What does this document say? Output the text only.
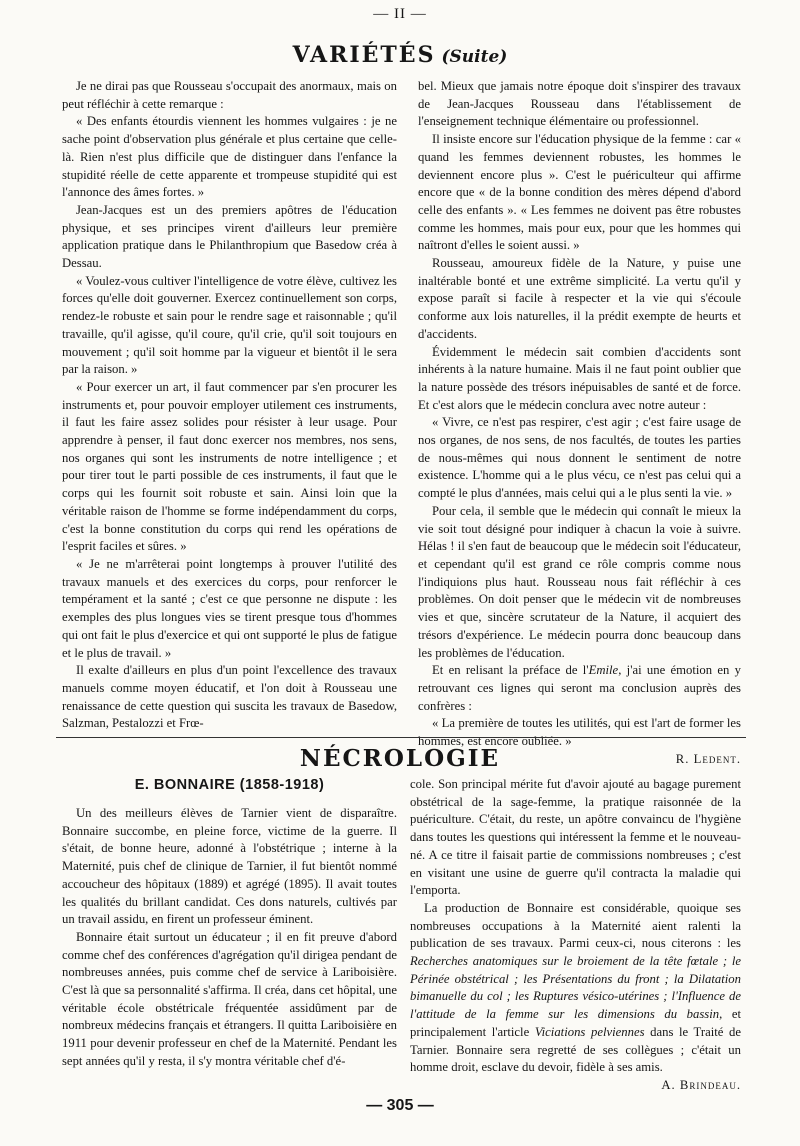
— II —
VARIÉTÉS (Suite)

Je ne dirai pas que Rousseau s'occupait des anormaux, mais on peut réfléchir à cette remarque :

« Des enfants étourdis viennent les hommes vulgaires : je ne sache point d'observation plus générale et plus certaine que celle-là. Rien n'est plus difficile que de distinguer dans l'enfance la stupidité réelle de cette apparente et trompeuse stupidité qui est l'annonce des âmes fortes. »

Jean-Jacques est un des premiers apôtres de l'éducation physique, et ses principes virent d'ailleurs leur première application pratique dans le Philanthropium que Basedow créa à Dessau.

« Voulez-vous cultiver l'intelligence de votre élève, cultivez les forces qu'elle doit gouverner. Exercez continuellement son corps, rendez-le robuste et sain pour le rendre sage et raisonnable ; qu'il travaille, qu'il agisse, qu'il coure, qu'il crie, qu'il soit toujours en mouvement ; qu'il soit homme par la vigueur et bientôt il le sera par la raison. »

« Pour exercer un art, il faut commencer par s'en procurer les instruments et, pour pouvoir employer utilement ces instruments, il faut les faire assez solides pour résister à leur usage. Pour apprendre à penser, il faut donc exercer nos membres, nos sens, nos organes qui sont les instruments de notre intelligence ; et pour tirer tout le parti possible de ces instruments, il faut que le corps qui les fournit soit robuste et sain. Ainsi loin que la véritable raison de l'homme se forme indépendamment du corps, c'est la bonne constitution du corps qui rend les opérations de l'esprit faciles et sûres. »

« Je ne m'arrêterai point longtemps à prouver l'utilité des travaux manuels et des exercices du corps, pour renforcer le tempérament et la santé ; c'est ce que personne ne dispute : les exemples des plus longues vies se tirent presque tous d'hommes qui ont fait le plus d'exercice et qui ont supporté le plus de fatigue et le plus de travail. »

Il exalte d'ailleurs en plus d'un point l'excellence des travaux manuels comme moyen éducatif, et l'on doit à Rousseau une renaissance de cette question qui suscita les travaux de Basedow, Salzman, Pestalozzi et Frœ-

bel. Mieux que jamais notre époque doit s'inspirer des travaux de Jean-Jacques Rousseau dans l'établissement de l'enseignement technique élémentaire ou professionnel.

Il insiste encore sur l'éducation physique de la femme : car « quand les femmes deviennent robustes, les hommes le deviennent encore plus ». C'est le puériculteur qui affirme encore que « de la bonne condition des mères dépend d'abord celle des enfants ». « Les femmes ne doivent pas être robustes comme les hommes, mais pour eux, pour que les hommes qui naîtront d'elles le soient aussi. »

Rousseau, amoureux fidèle de la Nature, y puise une inaltérable bonté et une extrême simplicité. La vertu qu'il y expose paraît si facile à respecter et la vie qui s'écoule conforme aux lois naturelles, il la prédit exempte de heurts et d'accidents.

Évidemment le médecin sait combien d'accidents sont inhérents à la nature humaine. Mais il ne faut point oublier que la nature possède des trésors inépuisables de santé et de force. Et c'est alors que le médecin conclura avec notre auteur :

« Vivre, ce n'est pas respirer, c'est agir ; c'est faire usage de nos organes, de nos sens, de nos facultés, de toutes les parties de nous-mêmes qui nous donnent le sentiment de notre existence. L'homme qui a le plus vécu, ce n'est pas celui qui a compté le plus d'années, mais celui qui a le plus senti la vie. »

Pour cela, il semble que le médecin qui connaît le mieux la vie soit tout désigné pour indiquer à chacun la voie à suivre. Hélas ! il s'en faut de beaucoup que le médecin soit l'éducateur, et cependant qu'il est grand ce rôle compris comme nous l'indiquions plus haut. Rousseau nous fait réfléchir à ces problèmes. On doit penser que le médecin vit de nombreuses vies et que, sincère scrutateur de la Nature, il acquiert des trésors d'expérience. Le médecin pourra donc beaucoup dans les problèmes de l'éducation.

Et en relisant la préface de l'Emile, j'ai une émotion en y retrouvant ces lignes qui seront ma conclusion auprès des confrères :

« La première de toutes les utilités, qui est l'art de former les hommes, est encore oubliée. »

R. Ledent.
NÉCROLOGIE
E. BONNAIRE (1858-1918)

Un des meilleurs élèves de Tarnier vient de disparaître. Bonnaire succombe, en pleine force, victime de la guerre. Il s'était, de bonne heure, adonné à l'obstétrique ; interne à la Maternité, puis chef de clinique de Tarnier, il fut bientôt nommé accoucheur des hôpitaux (1889) et agrégé (1895). Il avait toutes les qualités du brillant candidat. Ces dons naturels, cultivés par un travail assidu, en firent un professeur éminent.

Bonnaire était surtout un éducateur ; il en fit preuve d'abord comme chef des conférences d'agrégation qu'il dirigea pendant de nombreuses années, puis comme chef de service à Lariboisière. C'est là que sa personnalité s'affirma. Il créa, dans cet hôpital, une véritable école obstétricale fréquentée assidûment par de nombreux médecins français et étrangers. Il quitta Lariboisière en 1911 pour devenir professeur en chef de la Maternité. Pendant les sept années qu'il y resta, il s'y montra véritable chef d'é-

cole. Son principal mérite fut d'avoir ajouté au bagage purement obstétrical de la sage-femme, la pratique raisonnée de la puériculture. C'était, du reste, un apôtre convaincu de l'hygiène dans toutes les questions qui intéressent la femme et le nouveau-né. A ce titre il faisait partie de commissions nombreuses ; c'est en visitant une usine de guerre qu'il contracta la maladie qui l'emporta.

La production de Bonnaire est considérable, quoique ses nombreuses occupations à la Maternité aient ralenti la publication de ses travaux. Parmi ceux-ci, nous citerons : les Recherches anatomiques sur le broiement de la tête fœtale ; le Périnée obstétrical ; les Présentations du front ; la Dilatation bimanuelle du col ; les Ruptures vésico-utérines ; l'Influence de l'attitude de la femme sur les dimensions du bassin, et principalement l'article Viciations pelviennes dans le Traité de Tarnier. Bonnaire sera regretté de ses collègues ; c'était un homme droit, esclave du devoir, fidèle à ses amis.

A. Brindeau.
— 305 —
